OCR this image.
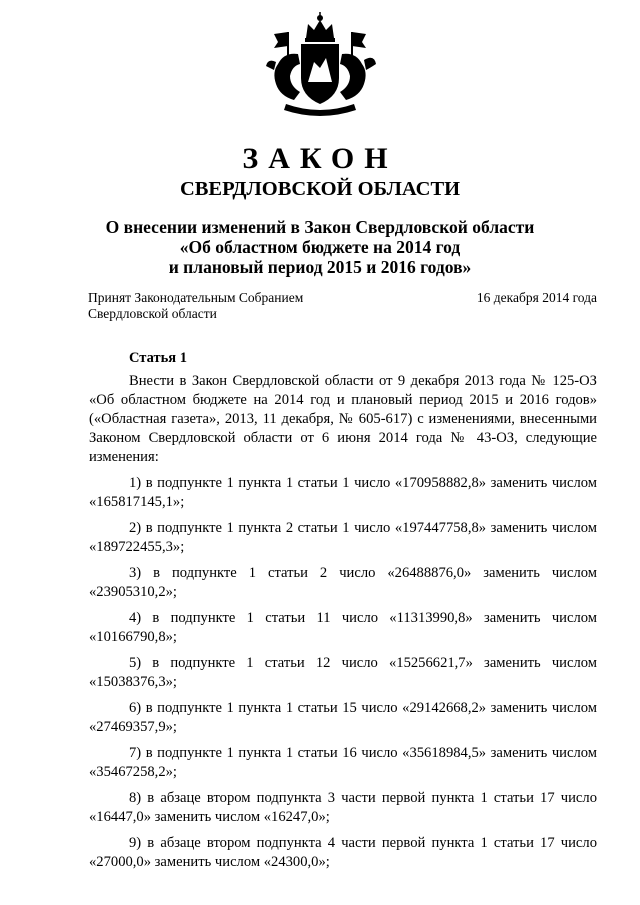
ЗАКОН
СВЕРДЛОВСКОЙ ОБЛАСТИ
О внесении изменений в Закон Свердловской области
«Об областном бюджете на 2014 год
и плановый период 2015 и 2016 годов»
Принят Законодательным Собранием
Свердловской области
16 декабря 2014 года
Статья 1

Внести в Закон Свердловской области от 9 декабря 2013 года № 125-ОЗ «Об областном бюджете на 2014 год и плановый период 2015 и 2016 годов» («Областная газета», 2013, 11 декабря, № 605-617) с изменениями, внесенными Законом Свердловской области от 6 июня 2014 года № 43-ОЗ, следующие изменения:

1) в подпункте 1 пункта 1 статьи 1 число «170958882,8» заменить числом «165817145,1»;

2) в подпункте 1 пункта 2 статьи 1 число «197447758,8» заменить числом «189722455,3»;

3) в подпункте 1 статьи 2 число «26488876,0» заменить числом «23905310,2»;

4) в подпункте 1 статьи 11 число «11313990,8» заменить числом «10166790,8»;

5) в подпункте 1 статьи 12 число «15256621,7» заменить числом «15038376,3»;

6) в подпункте 1 пункта 1 статьи 15 число «29142668,2» заменить числом «27469357,9»;

7) в подпункте 1 пункта 1 статьи 16 число «35618984,5» заменить числом «35467258,2»;

8) в абзаце втором подпункта 3 части первой пункта 1 статьи 17 число «16447,0» заменить числом «16247,0»;

9) в абзаце втором подпункта 4 части первой пункта 1 статьи 17 число «27000,0» заменить числом «24300,0»;
